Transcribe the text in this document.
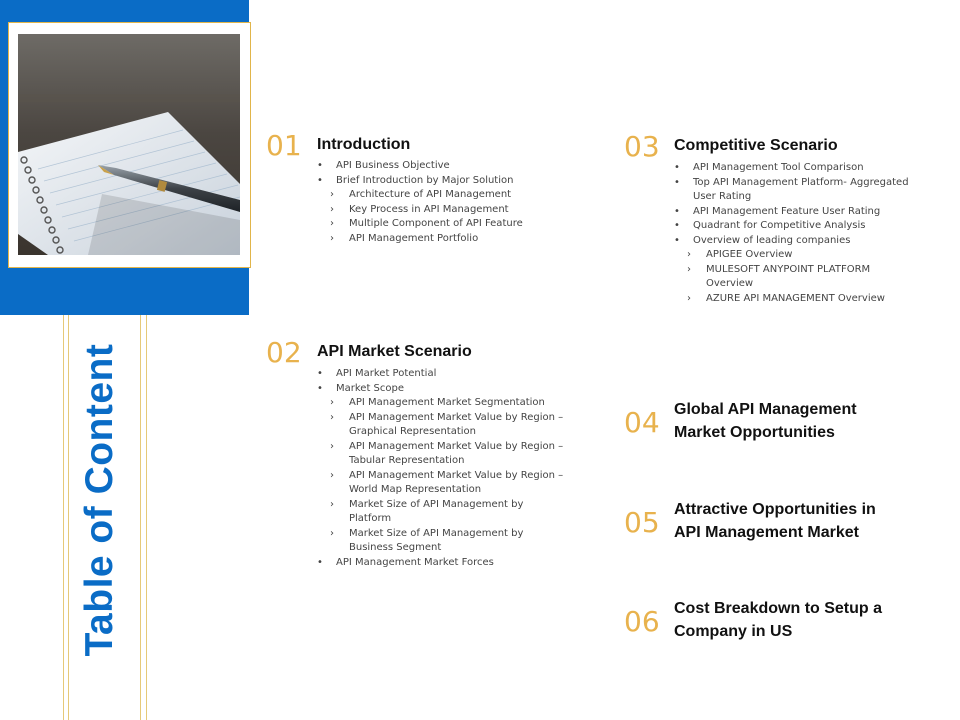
Table of Content
01 Introduction
• API Business Objective
• Brief Introduction by Major Solution
› Architecture of API Management
› Key Process in API Management
› Multiple Component of API Feature
› API Management Portfolio
02 API Market Scenario
• API Market Potential
• Market Scope
› API Management Market Segmentation
› API Management Market Value by Region – Graphical Representation
› API Management Market Value by Region – Tabular Representation
› API Management Market Value by Region – World Map Representation
› Market Size of API Management by Platform
› Market Size of API Management by Business Segment
• API Management Market Forces
03 Competitive Scenario
• API Management Tool Comparison
• Top API Management Platform- Aggregated User Rating
• API Management Feature User Rating
• Quadrant for Competitive Analysis
• Overview of leading companies
› APIGEE Overview
› MULESOFT ANYPOINT PLATFORM Overview
› AZURE API MANAGEMENT Overview
04 Global API Management
Market Opportunities
05 Attractive Opportunities in
API Management Market
06 Cost Breakdown to Setup a
Company in US
